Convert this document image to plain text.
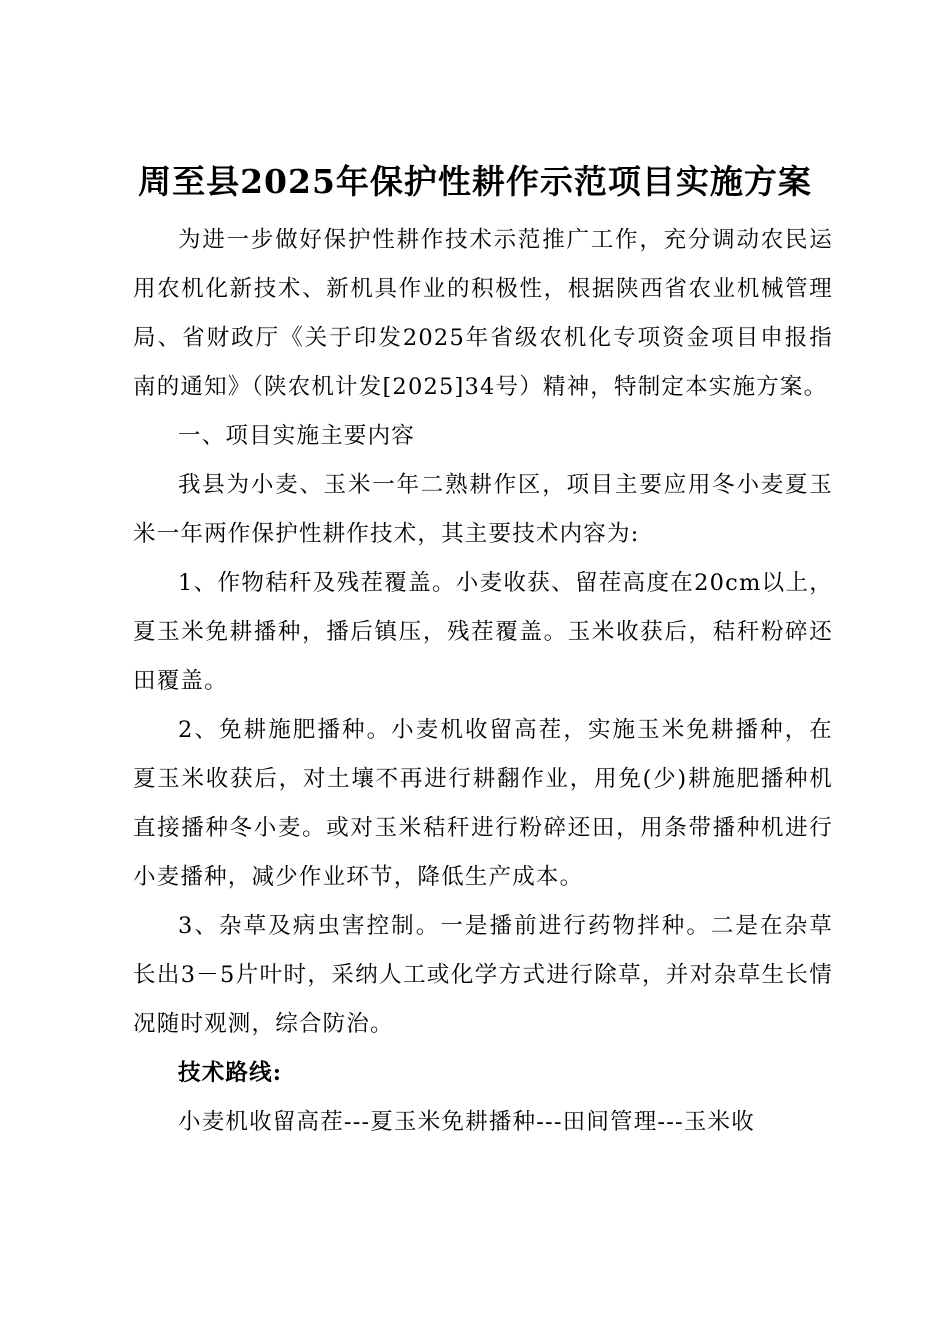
周至县2025年保护性耕作示范项目实施方案

为进一步做好保护性耕作技术示范推广工作，充分调动农民运用农机化新技术、新机具作业的积极性，根据陕西省农业机械管理局、省财政厅《关于印发2025年省级农机化专项资金项目申报指南的通知》（陕农机计发[2025]34号）精神，特制定本实施方案。

一、项目实施主要内容

我县为小麦、玉米一年二熟耕作区，项目主要应用冬小麦夏玉米一年两作保护性耕作技术，其主要技术内容为:

1、作物秸秆及残茬覆盖。小麦收获、留茬高度在20cm以上，夏玉米免耕播种，播后镇压，残茬覆盖。玉米收获后，秸秆粉碎还田覆盖。

2、免耕施肥播种。小麦机收留高茬，实施玉米免耕播种，在夏玉米收获后，对土壤不再进行耕翻作业，用免(少)耕施肥播种机直接播种冬小麦。或对玉米秸秆进行粉碎还田，用条带播种机进行小麦播种，减少作业环节，降低生产成本。

3、杂草及病虫害控制。一是播前进行药物拌种。二是在杂草长出3－5片叶时，采纳人工或化学方式进行除草，并对杂草生长情况随时观测，综合防治。

技术路线:

小麦机收留高茬---夏玉米免耕播种---田间管理---玉米收
